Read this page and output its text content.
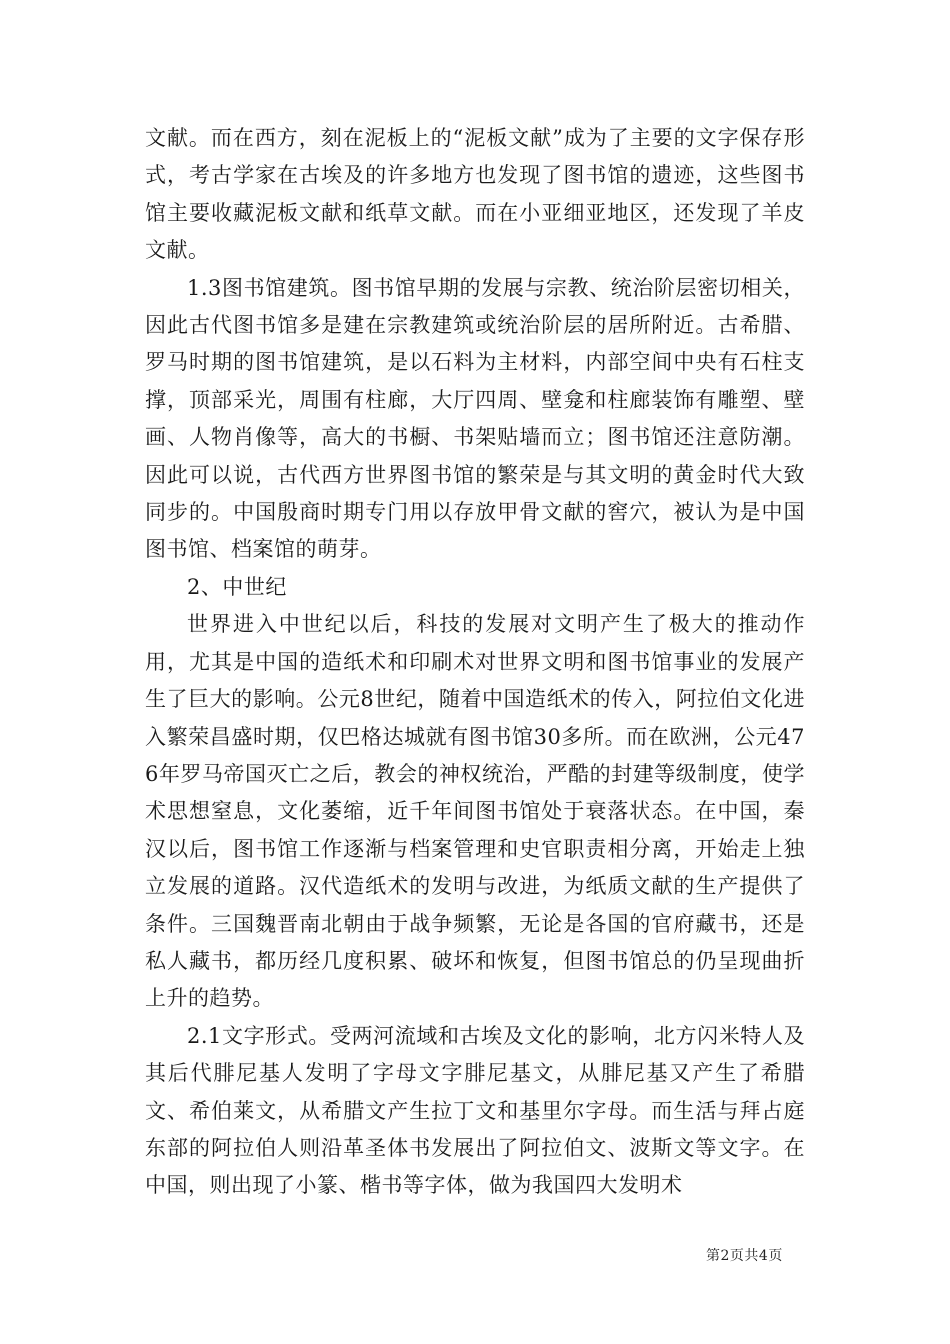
文献。而在西方，刻在泥板上的“泥板文献”成为了主要的文字保存形式，考古学家在古埃及的许多地方也发现了图书馆的遗迹，这些图书馆主要收藏泥板文献和纸草文献。而在小亚细亚地区，还发现了羊皮文献。

1.3图书馆建筑。图书馆早期的发展与宗教、统治阶层密切相关，因此古代图书馆多是建在宗教建筑或统治阶层的居所附近。古希腊、罗马时期的图书馆建筑，是以石料为主材料，内部空间中央有石柱支撑，顶部采光，周围有柱廊，大厅四周、壁龛和柱廊装饰有雕塑、壁画、人物肖像等，高大的书橱、书架贴墙而立；图书馆还注意防潮。因此可以说，古代西方世界图书馆的繁荣是与其文明的黄金时代大致同步的。中国殷商时期专门用以存放甲骨文献的窖穴，被认为是中国图书馆、档案馆的萌芽。

2、中世纪

世界进入中世纪以后，科技的发展对文明产生了极大的推动作用，尤其是中国的造纸术和印刷术对世界文明和图书馆事业的发展产生了巨大的影响。公元8世纪，随着中国造纸术的传入，阿拉伯文化进入繁荣昌盛时期，仅巴格达城就有图书馆30多所。而在欧洲，公元476年罗马帝国灭亡之后，教会的神权统治，严酷的封建等级制度，使学术思想窒息，文化萎缩，近千年间图书馆处于衰落状态。在中国，秦汉以后，图书馆工作逐渐与档案管理和史官职责相分离，开始走上独立发展的道路。汉代造纸术的发明与改进，为纸质文献的生产提供了条件。三国魏晋南北朝由于战争频繁，无论是各国的官府藏书，还是私人藏书，都历经几度积累、破坏和恢复，但图书馆总的仍呈现曲折上升的趋势。

2.1文字形式。受两河流域和古埃及文化的影响，北方闪米特人及其后代腓尼基人发明了字母文字腓尼基文，从腓尼基又产生了希腊文、希伯莱文，从希腊文产生拉丁文和基里尔字母。而生活与拜占庭东部的阿拉伯人则沿革圣体书发展出了阿拉伯文、波斯文等文字。在中国，则出现了小篆、楷书等字体，做为我国四大发明术

第2页共4页
